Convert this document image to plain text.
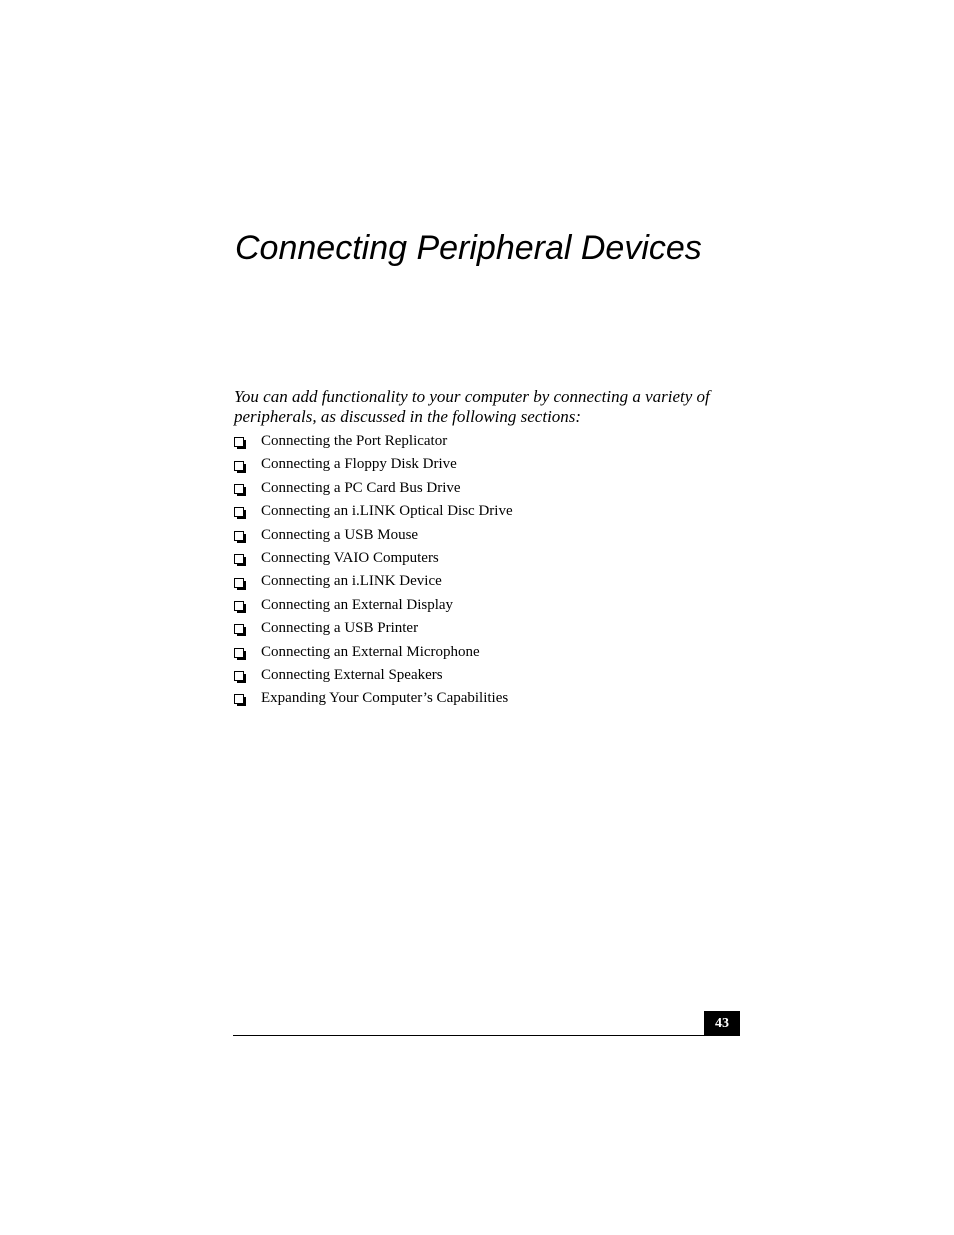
Connecting Peripheral Devices

You can add functionality to your computer by connecting a variety of peripherals, as discussed in the following sections:

Connecting the Port Replicator
Connecting a Floppy Disk Drive
Connecting a PC Card Bus Drive
Connecting an i.LINK Optical Disc Drive
Connecting a USB Mouse
Connecting VAIO Computers
Connecting an i.LINK Device
Connecting an External Display
Connecting a USB Printer
Connecting an External Microphone
Connecting External Speakers
Expanding Your Computer’s Capabilities
43
